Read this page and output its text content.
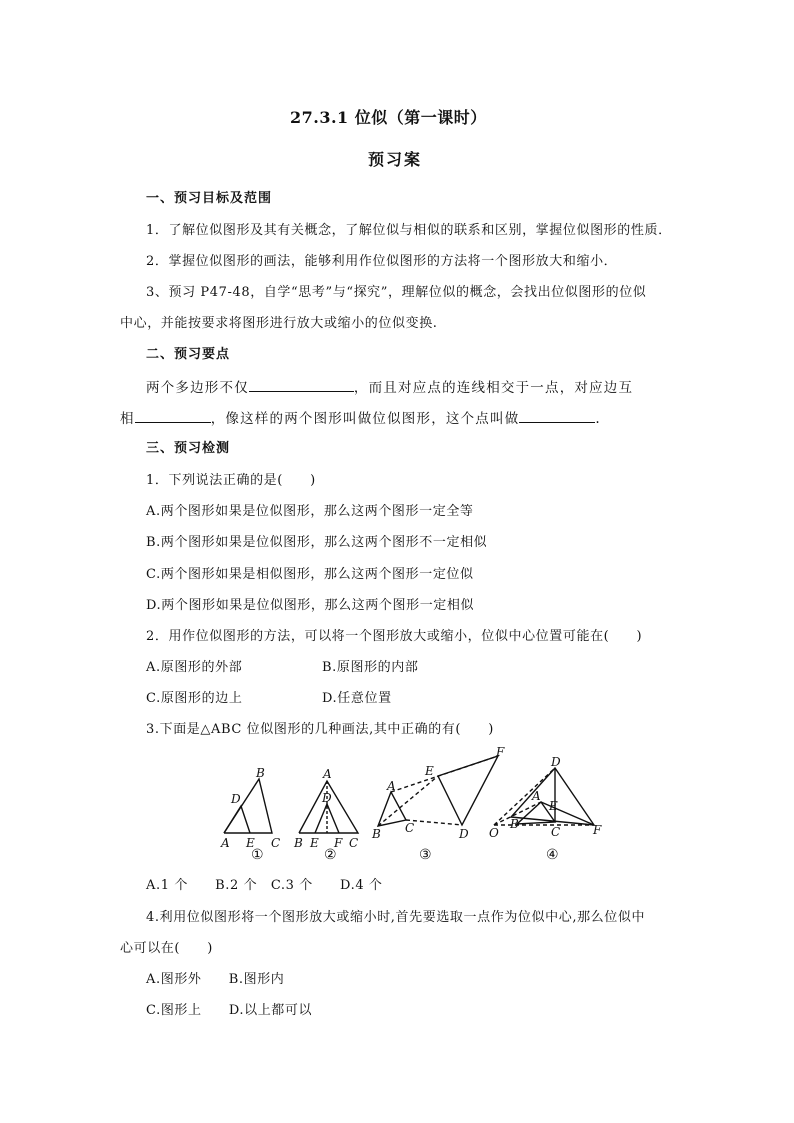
27.3.1 位似（第一课时）
预习案
一、预习目标及范围
1．了解位似图形及其有关概念，了解位似与相似的联系和区别，掌握位似图形的性质．
2．掌握位似图形的画法，能够利用作位似图形的方法将一个图形放大和缩小．
3、预习 P47-48，自学“思考”与“探究”，理解位似的概念，会找出位似图形的位似
中心，并能按要求将图形进行放大或缩小的位似变换.
二、预习要点
两个多边形不仅	，而且对应点的连线相交于一点，对应边互
相	，像这样的两个图形叫做位似图形，这个点叫做	.
三、预习检测
1．下列说法正确的是(　　)
A.两个图形如果是位似图形，那么这两个图形一定全等
B.两个图形如果是位似图形，那么这两个图形不一定相似
C.两个图形如果是相似图形，那么这两个图形一定位似
D.两个图形如果是位似图形，那么这两个图形一定相似
2．用作位似图形的方法，可以将一个图形放大或缩小，位似中心位置可能在(　　)
A.原图形的外部	B.原图形的内部
C.原图形的边上	D.任意位置
3.下面是△ABC 位似图形的几种画法,其中正确的有(　　)
B
D
A E C
A
D
B E F C
A
B C
E
F
D
D
A
E
B
O	C	F
①	②	③	④
A.1 个　　B.2 个　C.3 个　　D.4 个
4.利用位似图形将一个图形放大或缩小时,首先要选取一点作为位似中心,那么位似中
心可以在(　　)
A.图形外　　B.图形内
C.图形上　　D.以上都可以
